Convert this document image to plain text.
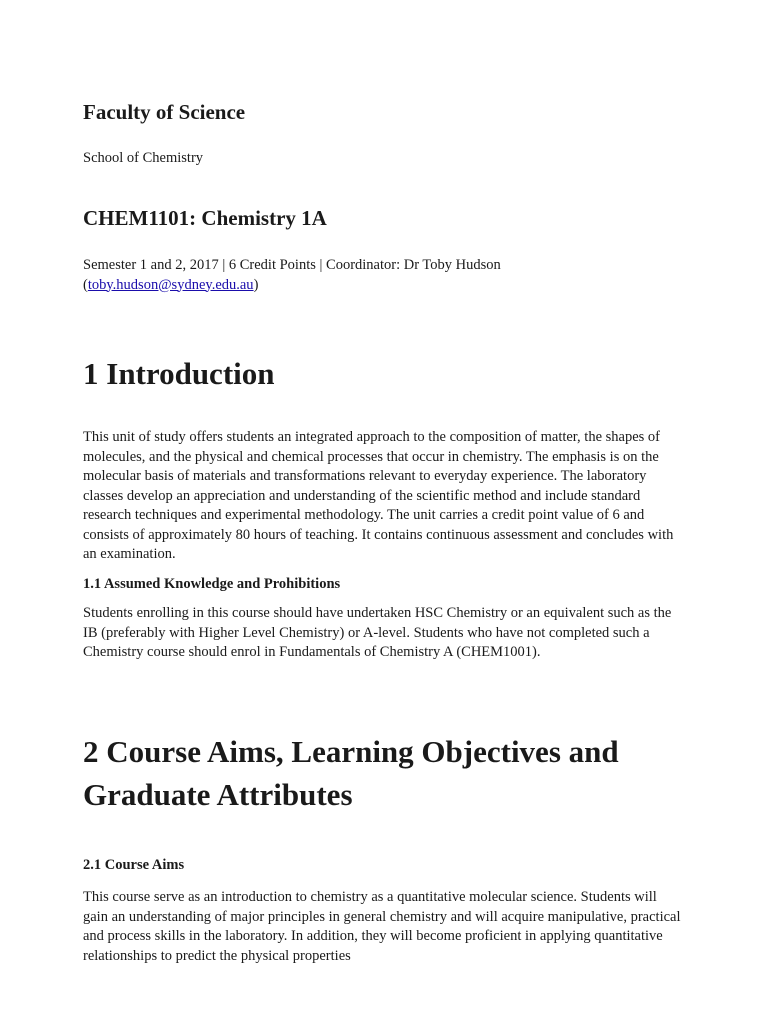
Faculty of Science

School of Chemistry

CHEM1101: Chemistry 1A

Semester 1 and 2, 2017 | 6 Credit Points | Coordinator: Dr Toby Hudson
(toby.hudson@sydney.edu.au)

1 Introduction

This unit of study offers students an integrated approach to the composition of matter, the shapes of molecules, and the physical and chemical processes that occur in chemistry. The emphasis is on the molecular basis of materials and transformations relevant to everyday experience. The laboratory classes develop an appreciation and understanding of the scientific method and include standard research techniques and experimental methodology. The unit carries a credit point value of 6 and consists of approximately 80 hours of teaching. It contains continuous assessment and concludes with an examination.

1.1 Assumed Knowledge and Prohibitions

Students enrolling in this course should have undertaken HSC Chemistry or an equivalent such as the IB (preferably with Higher Level Chemistry) or A-level. Students who have not completed such a Chemistry course should enrol in Fundamentals of Chemistry A (CHEM1001).

2 Course Aims, Learning Objectives and Graduate Attributes
2.1 Course Aims

This course serve as an introduction to chemistry as a quantitative molecular science. Students will gain an understanding of major principles in general chemistry and will acquire manipulative, practical and process skills in the laboratory. In addition, they will become proficient in applying quantitative relationships to predict the physical properties
